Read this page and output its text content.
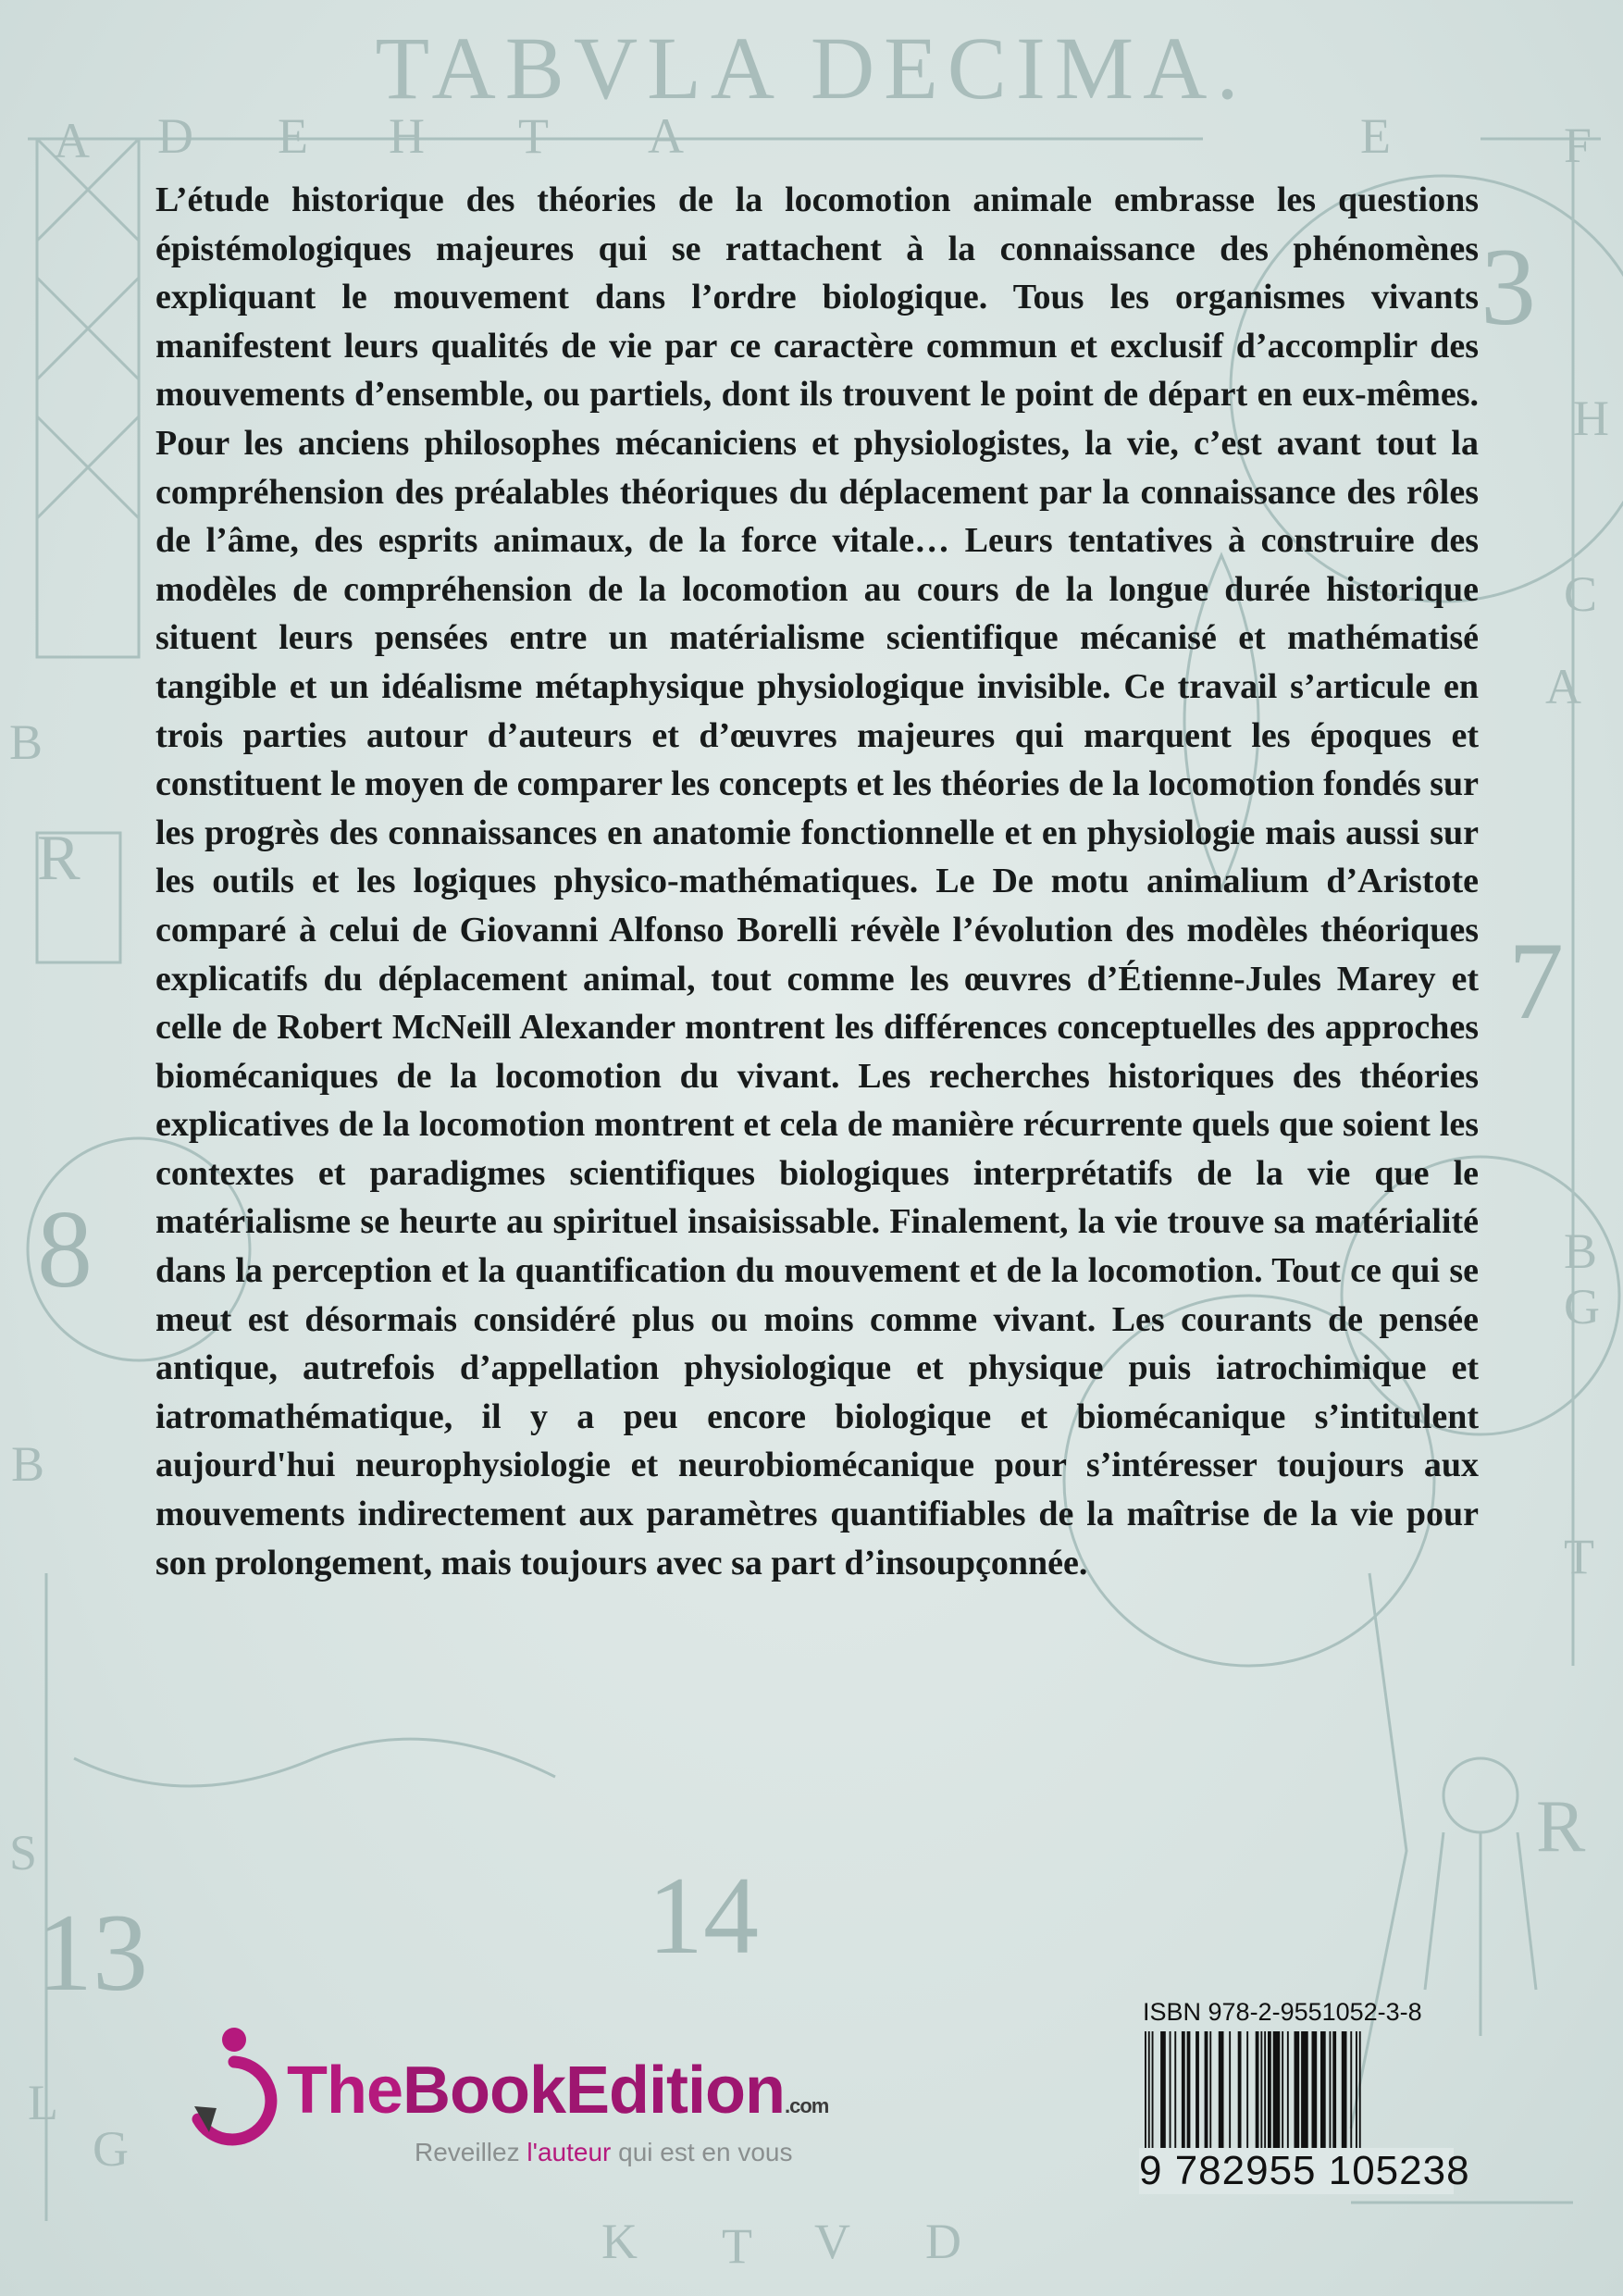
A D E H T A	E	F
H
C
A
B
B
S
B
G
T
L
G
K T V D
R
R
7
8
13	14
3
TABVLA DECIMA.
L’étude historique des théories de la locomotion animale embrasse les questions épistémologiques majeures qui se rattachent à la connaissance des phénomènes expliquant le mouvement dans l’ordre biologique. Tous les organismes vivants manifestent leurs qualités de vie par ce caractère commun et exclusif d’accomplir des mouvements d’ensemble, ou partiels, dont ils trouvent le point de départ en eux-mêmes. Pour les anciens philosophes mécaniciens et physiologistes, la vie, c’est avant tout la compréhension des préalables théoriques du déplacement par la connaissance des rôles de l’âme, des esprits animaux, de la force vitale… Leurs tentatives à construire des modèles de compréhension de la locomotion au cours de la longue durée historique situent leurs pensées entre un matérialisme scientifique mécanisé et mathématisé tangible et un idéalisme métaphysique physiologique invisible. Ce travail s’articule en trois parties autour d’auteurs et d’œuvres majeures qui marquent les époques et constituent le moyen de comparer les concepts et les théories de la locomotion fondés sur les progrès des connaissances en anatomie fonctionnelle et en physiologie mais aussi sur les outils et les logiques physico-mathématiques. Le De motu animalium d’Aristote comparé à celui de Giovanni Alfonso Borelli révèle l’évolution des modèles théoriques explicatifs du déplacement animal, tout comme les œuvres d’Étienne-Jules Marey et celle de Robert McNeill Alexander montrent les différences conceptuelles des approches biomécaniques de la locomotion du vivant. Les recherches historiques des théories explicatives de la locomotion montrent et cela de manière récurrente quels que soient les contextes et paradigmes scientifiques biologiques interprétatifs de la vie que le matérialisme se heurte au spirituel insaisissable. Finalement, la vie trouve sa matérialité dans la perception et la quantification du mouvement et de la locomotion. Tout ce qui se meut est désormais considéré plus ou moins comme vivant. Les courants de pensée antique, autrefois d’appellation physiologique et physique puis iatrochimique et iatromathématique, il y a peu encore biologique et biomécanique s’intitulent aujourd'hui neurophysiologie et neurobiomécanique pour s’intéresser toujours aux mouvements indirectement aux paramètres quantifiables de la maîtrise de la vie pour son prolongement, mais toujours avec sa part d’insoupçonnée.
TheBookEdition.com
Reveillez l'auteur qui est en vous
ISBN 978-2-9551052-3-8
9 782955 105238
